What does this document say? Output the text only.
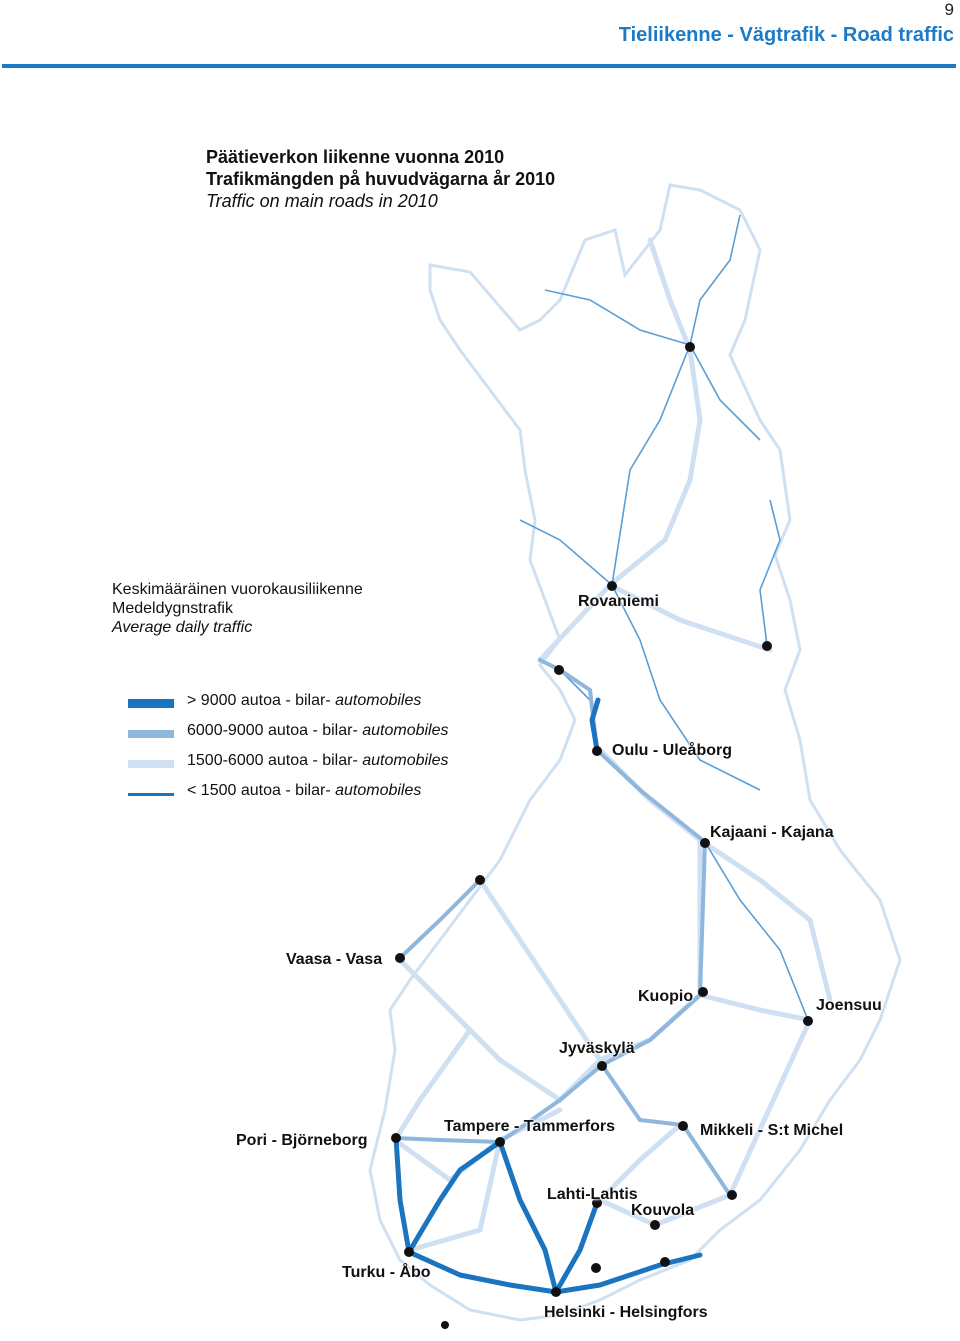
9
Tieliikenne - Vägtrafik - Road traffic
Päätieverkon liikenne vuonna 2010
Trafikmängden på huvudvägarna år 2010
Traffic on main roads in 2010
Keskimääräinen vuorokausiliikenne
Medeldygnstrafik
Average daily traffic
> 9000 autoa - bilar- automobiles
6000-9000 autoa - bilar- automobiles
1500-6000 autoa - bilar- automobiles
< 1500 autoa - bilar- automobiles
Rovaniemi
Oulu - Uleåborg
Kajaani - Kajana
Vaasa - Vasa
Kuopio
Joensuu
Jyväskylä
Pori - Björneborg
Tampere - Tammerfors	Mikkeli - S:t Michel
Lahti-Lahtis
Kouvola
Turku - Åbo
Helsinki - Helsingfors
